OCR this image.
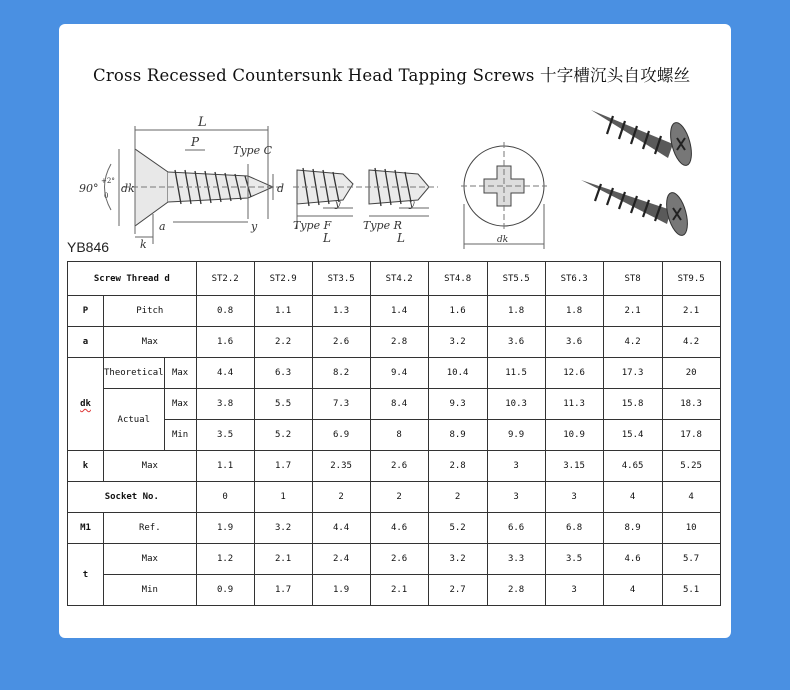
Cross Recessed Countersunk Head Tapping Screws 十字槽沉头自攻螺丝
L
P
Type C
90°
+2°
0
dk	d
k
a	y	Type F
y
L
Type R
y
L	dk
YB846
Screw Thread d			ST2.2	ST2.9	ST3.5	ST4.2	ST4.8	ST5.5	ST6.3	ST8	ST9.5
P	Pitch		0.8	1.1	1.3	1.4	1.6	1.8	1.8	2.1	2.1
a	Max		1.6	2.2	2.6	2.8	3.2	3.6	3.6	4.2	4.2
dk	Theoretical	Max	4.4	6.3	8.2	9.4	10.4	11.5	12.6	17.3	20
	Actual	Max	3.8	5.5	7.3	8.4	9.3	10.3	11.3	15.8	18.3
		Min	3.5	5.2	6.9	8	8.9	9.9	10.9	15.4	17.8
k	Max		1.1	1.7	2.35	2.6	2.8	3	3.15	4.65	5.25
Socket No.			0	1	2	2	2	3	3	4	4
M1	Ref.		1.9	3.2	4.4	4.6	5.2	6.6	6.8	8.9	10
t	Max		1.2	2.1	2.4	2.6	3.2	3.3	3.5	4.6	5.7
	Min		0.9	1.7	1.9	2.1	2.7	2.8	3	4	5.1
